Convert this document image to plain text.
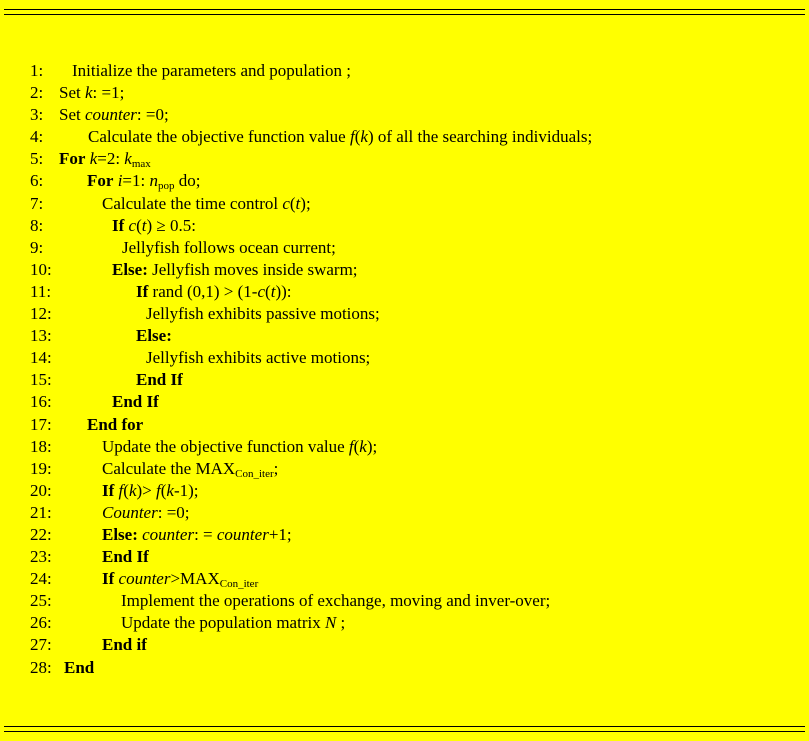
1: Initialize the parameters and population ;
2: Set k: =1;
3: Set counter: =0;
4:	Calculate the objective function value f(k) of all the searching individuals;
5: For k=2: $k_{max}$
6:	For i=1: $n_{pop}$ do;
7:	Calculate the time control c(t);
8:	If c(t) ≥ 0.5:
9:	Jellyfish follows ocean current;
10:	Else: Jellyfish moves inside swarm;
11:	If rand (0,1) > (1-c(t)):
12:	Jellyfish exhibits passive motions;
13:	Else:
14:	Jellyfish exhibits active motions;
15:	End If
16:	End If
17: End for
18:	Update the objective function value f(k);
19:	Calculate the $MAX_{Con\_iter}$;
20:	If f(k)> f(k-1);
21:	Counter: =0;
22:	Else: counter: = counter+1;
23:	End If
24:	If $counter>MAX_{Con\_iter}$
25:	Implement the operations of exchange, moving and inver-over;
26:	Update the population matrix N ;
27:	End if
28: End
